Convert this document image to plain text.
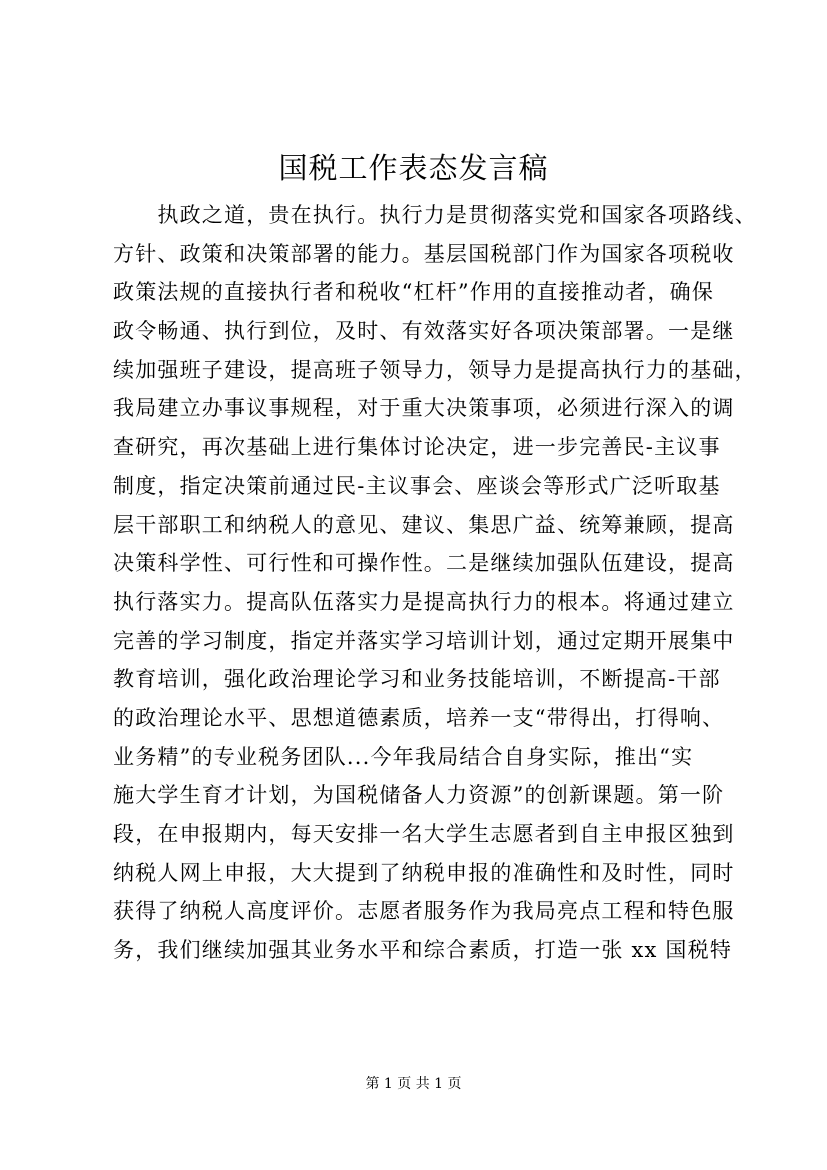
国税工作表态发言稿
　　执政之道，贵在执行。执行力是贯彻落实党和国家各项路线、
方针、政策和决策部署的能力。基层国税部门作为国家各项税收
政策法规的直接执行者和税收“杠杆”作用的直接推动者，确保
政令畅通、执行到位，及时、有效落实好各项决策部署。一是继
续加强班子建设，提高班子领导力，领导力是提高执行力的基础，
我局建立办事议事规程，对于重大决策事项，必须进行深入的调
查研究，再次基础上进行集体讨论决定，进一步完善民-主议事
制度，指定决策前通过民-主议事会、座谈会等形式广泛听取基
层干部职工和纳税人的意见、建议、集思广益、统筹兼顾，提高
决策科学性、可行性和可操作性。二是继续加强队伍建设，提高
执行落实力。提高队伍落实力是提高执行力的根本。将通过建立
完善的学习制度，指定并落实学习培训计划，通过定期开展集中
教育培训，强化政治理论学习和业务技能培训，不断提高-干部
的政治理论水平、思想道德素质，培养一支“带得出，打得响、
业务精”的专业税务团队...今年我局结合自身实际，推出“实
施大学生育才计划，为国税储备人力资源”的创新课题。第一阶
段，在申报期内，每天安排一名大学生志愿者到自主申报区独到
纳税人网上申报，大大提到了纳税申报的准确性和及时性，同时
获得了纳税人高度评价。志愿者服务作为我局亮点工程和特色服
务，我们继续加强其业务水平和综合素质，打造一张 xx 国税特
第 1 页 共 1 页
